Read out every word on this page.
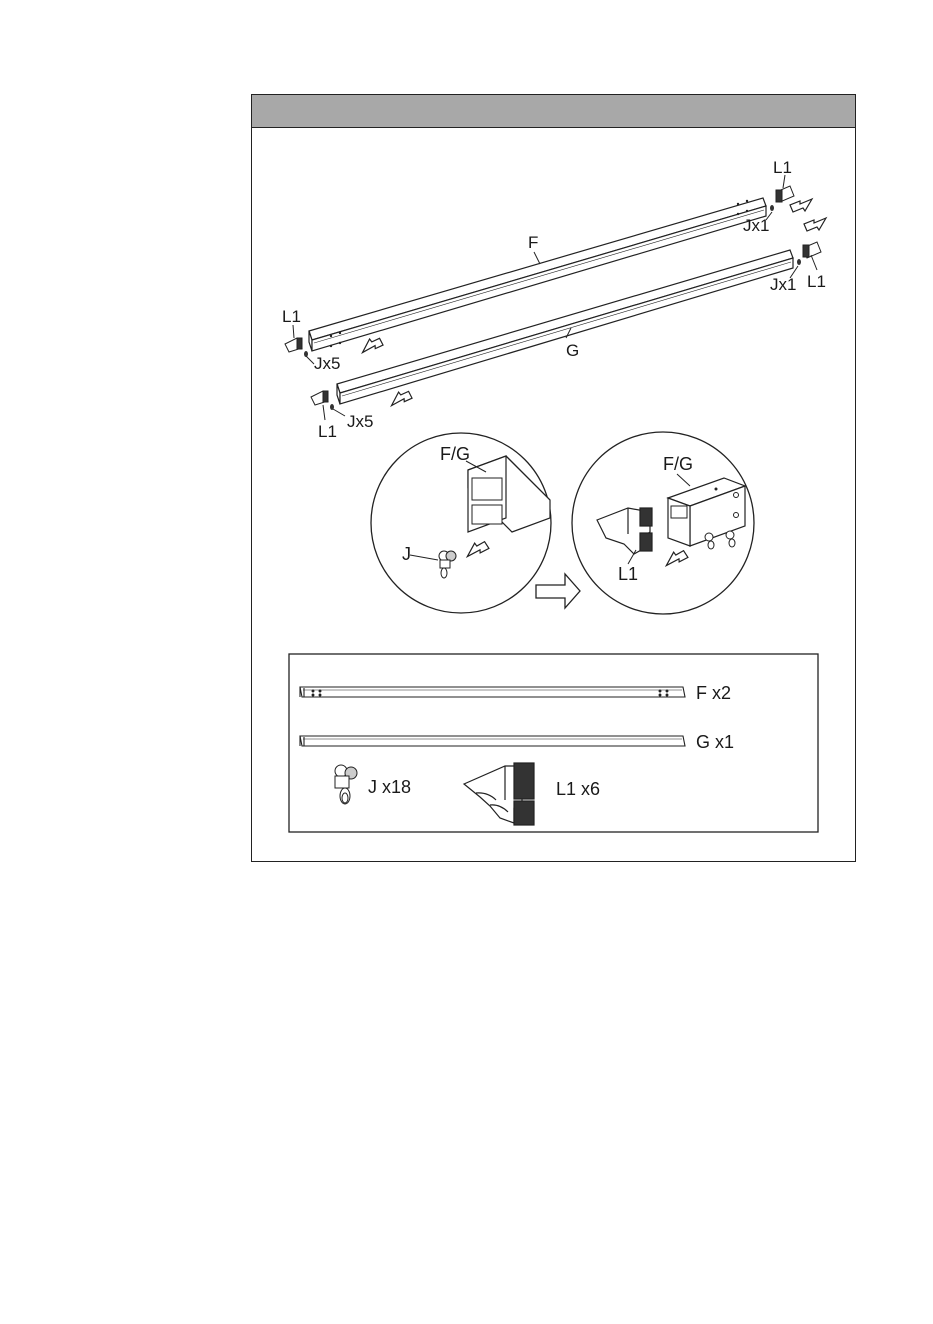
F
G
L1
Jx1
Jx1 L1
L1
Jx5
L1
Jx5
F/G
J
F/G
L1
F x2
G x1
J x18	L1 x6
